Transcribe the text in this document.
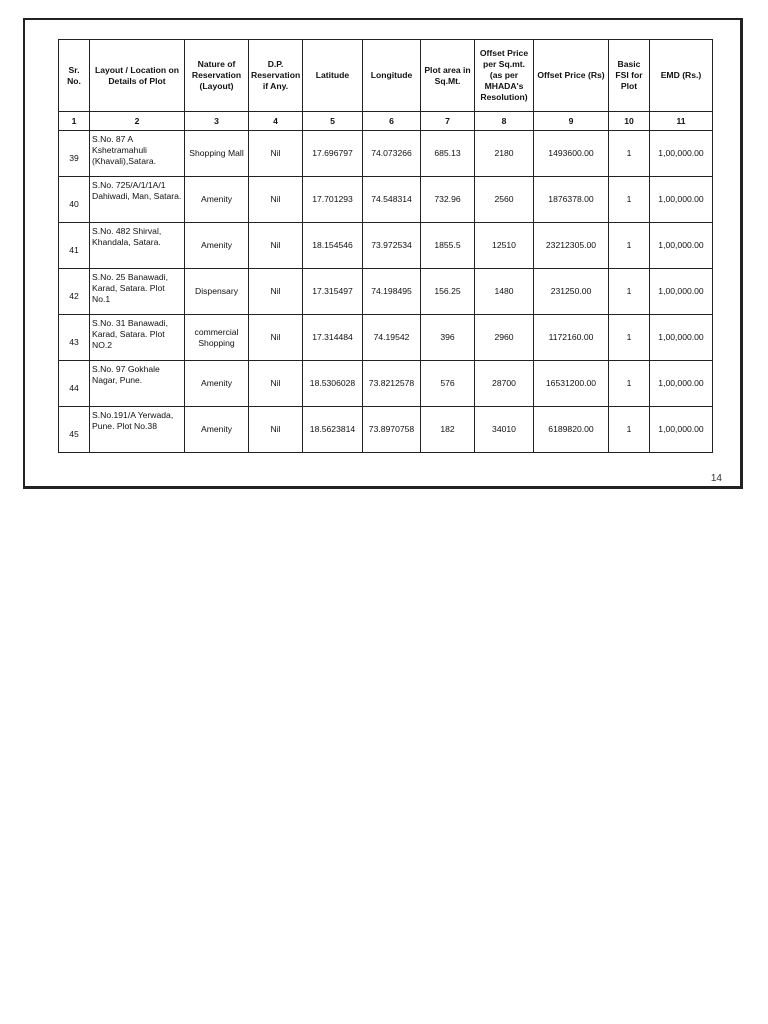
14
Sr. No.	Layout / Location on Details of Plot	Nature of Reservation (Layout)	D.P. Reservation if Any.	Latitude	Longitude	Plot area in Sq.Mt.	Offset Price per Sq.mt. (as per MHADA's Resolution)	Offset Price (Rs)	Basic FSI for Plot	EMD (Rs.)
1	2	3	4	5	6	7	8	9	10	11
39	S.No. 87 A Kshetramahuli (Khavali),Satara.	Shopping Mall	Nil	17.696797	74.073266	685.13	2180	1493600.00	1	1,00,000.00
40	S.No. 725/A/1/1A/1 Dahiwadi, Man, Satara.	Amenity	Nil	17.701293	74.548314	732.96	2560	1876378.00	1	1,00,000.00
41	S.No. 482 Shirval, Khandala, Satara.	Amenity	Nil	18.154546	73.972534	1855.5	12510	23212305.00	1	1,00,000.00
42	S.No. 25 Banawadi, Karad, Satara. Plot No.1	Dispensary	Nil	17.315497	74.198495	156.25	1480	231250.00	1	1,00,000.00
43	S.No. 31 Banawadi, Karad, Satara. Plot NO.2	commercial Shopping	Nil	17.314484	74.19542	396	2960	1172160.00	1	1,00,000.00
44	S.No. 97 Gokhale Nagar, Pune.	Amenity	Nil	18.5306028	73.8212578	576	28700	16531200.00	1	1,00,000.00
45	S.No.191/A Yerwada, Pune. Plot No.38	Amenity	Nil	18.5623814	73.8970758	182	34010	6189820.00	1	1,00,000.00
